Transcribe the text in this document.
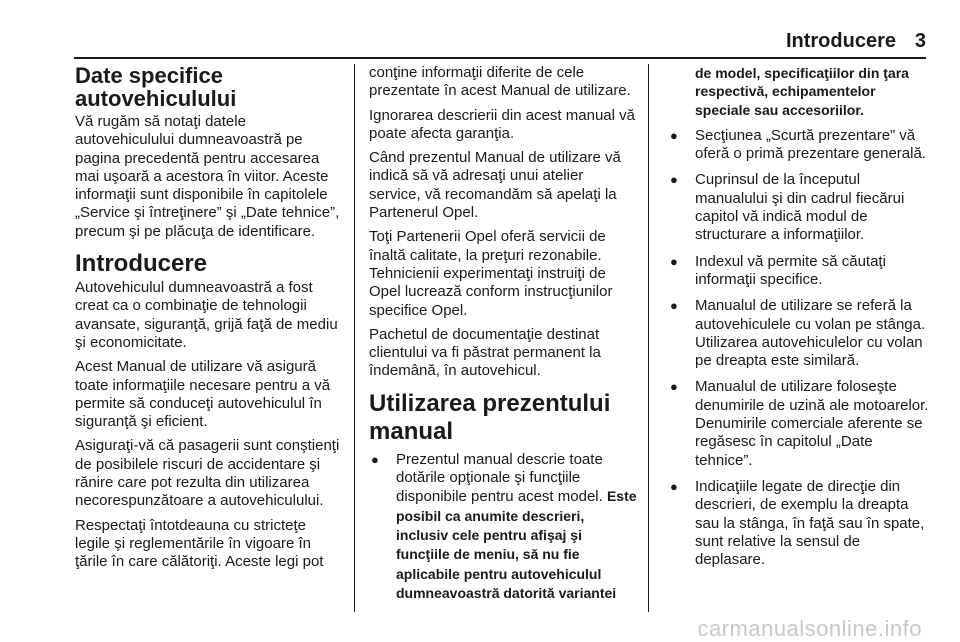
Introducere 3
Date specifice autovehiculului

Vă rugăm să notaţi datele autovehiculului dumneavoastră pe pagina precedentă pentru accesarea mai uşoară a acestora în viitor. Aceste informaţii sunt disponibile în capitolele „Service şi întreţinere” şi „Date tehnice”, precum şi pe plăcuţa de identificare.

Introducere

Autovehiculul dumneavoastră a fost creat ca o combinaţie de tehnologii avansate, siguranţă, grijă faţă de mediu şi economicitate.

Acest Manual de utilizare vă asigură toate informaţiile necesare pentru a vă permite să conduceţi autovehiculul în siguranţă şi eficient.

Asiguraţi-vă că pasagerii sunt conştienţi de posibilele riscuri de accidentare şi rănire care pot rezulta din utilizarea necorespunzătoare a autovehiculului.

Respectaţi întotdeauna cu stricteţe legile şi reglementările în vigoare în ţările în care călătoriţi. Aceste legi pot

conţine informaţii diferite de cele prezentate în acest Manual de utilizare.

Ignorarea descrierii din acest manual vă poate afecta garanţia.

Când prezentul Manual de utilizare vă indică să vă adresaţi unui atelier service, vă recomandăm să apelaţi la Partenerul Opel.

Toţi Partenerii Opel oferă servicii de înaltă calitate, la preţuri rezonabile. Tehnicienii experimentaţi instruiţi de Opel lucrează conform instrucţiunilor specifice Opel.

Pachetul de documentaţie destinat clientului va fi păstrat permanent la îndemână, în autovehicul.

Utilizarea prezentului manual
● Prezentul manual descrie toate dotările opţionale şi funcţiile disponibile pentru acest model. Este posibil ca anumite descrieri, inclusiv cele pentru afişaj şi funcţiile de meniu, să nu fie aplicabile pentru autovehiculul dumneavoastră datorită variantei
de model, specificaţiilor din ţara respectivă, echipamentelor speciale sau accesoriilor.
● Secţiunea „Scurtă prezentare” vă oferă o primă prezentare generală.
● Cuprinsul de la începutul manualului şi din cadrul fiecărui capitol vă indică modul de structurare a informaţiilor.
● Indexul vă permite să căutaţi informaţii specifice.
● Manualul de utilizare se referă la autovehiculele cu volan pe stânga. Utilizarea autovehiculelor cu volan pe dreapta este similară.
● Manualul de utilizare foloseşte denumirile de uzină ale motoarelor. Denumirile comerciale aferente se regăsesc în capitolul „Date tehnice”.
● Indicaţiile legate de direcţie din descrieri, de exemplu la dreapta sau la stânga, în faţă sau în spate, sunt relative la sensul de deplasare.
carmanualsonline.info
